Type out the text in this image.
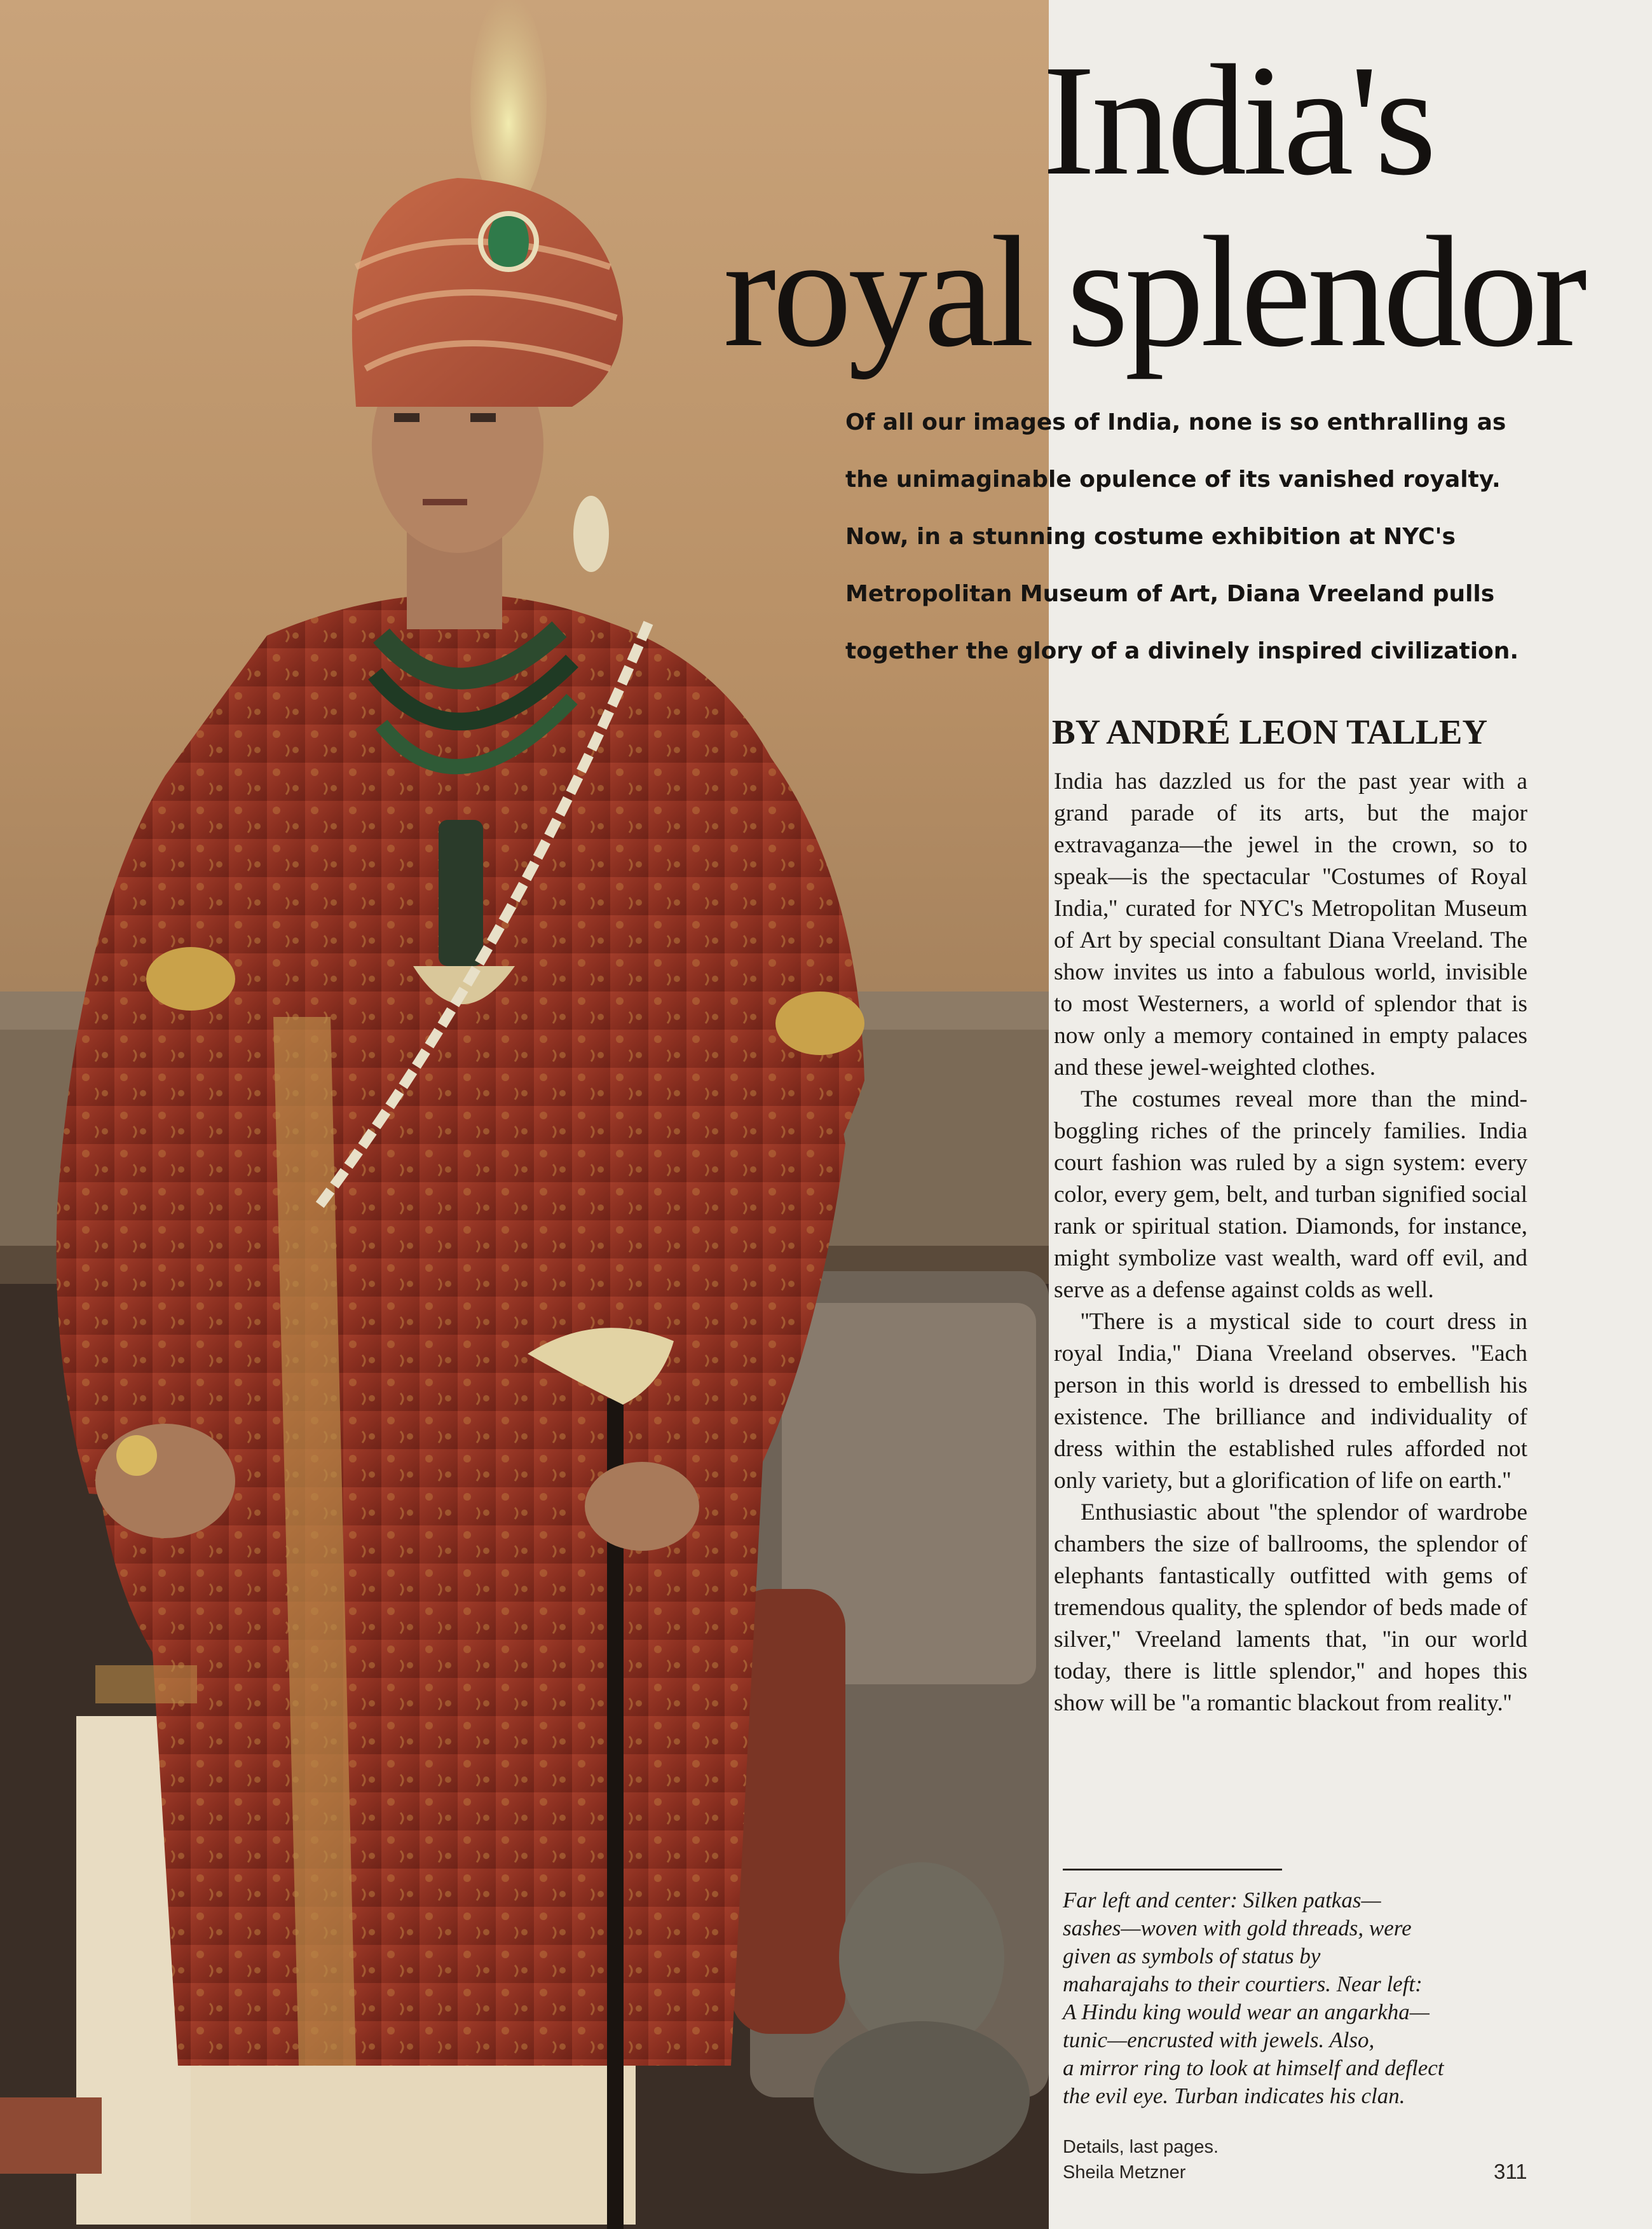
India's
royal splendor
Of all our images of India, none is so enthralling as
the unimaginable opulence of its vanished royalty.
Now, in a stunning costume exhibition at NYC's
Metropolitan Museum of Art, Diana Vreeland pulls
together the glory of a divinely inspired civilization.
BY ANDRÉ LEON TALLEY

India has dazzled us for the past year with a grand parade of its arts, but the major extravaganza—the jewel in the crown, so to speak—is the spectacular ''Costumes of Royal India,'' curated for NYC's Metropolitan Museum of Art by special consultant Diana Vreeland. The show invites us into a fabulous world, invisible to most Westerners, a world of splendor that is now only a memory contained in empty palaces and these jewel-weighted clothes.

The costumes reveal more than the mind-boggling riches of the princely families. India court fashion was ruled by a sign system: every color, every gem, belt, and turban signified social rank or spiritual station. Diamonds, for instance, might symbolize vast wealth, ward off evil, and serve as a defense against colds as well.

''There is a mystical side to court dress in royal India,'' Diana Vreeland observes. ''Each person in this world is dressed to embellish his existence. The brilliance and individuality of dress within the established rules afforded not only variety, but a glorification of life on earth.''

Enthusiastic about ''the splendor of wardrobe chambers the size of ballrooms, the splendor of elephants fantastically outfitted with gems of tremendous quality, the splendor of beds made of silver,'' Vreeland laments that, ''in our world today, there is little splendor,'' and hopes this show will be ''a romantic blackout from reality.''

Far left and center: Silken patkas—
sashes—woven with gold threads, were
given as symbols of status by
maharajahs to their courtiers. Near left:
A Hindu king would wear an angarkha—
tunic—encrusted with jewels. Also,
a mirror ring to look at himself and deflect
the evil eye. Turban indicates his clan.
Details, last pages.
Sheila Metzner	311
